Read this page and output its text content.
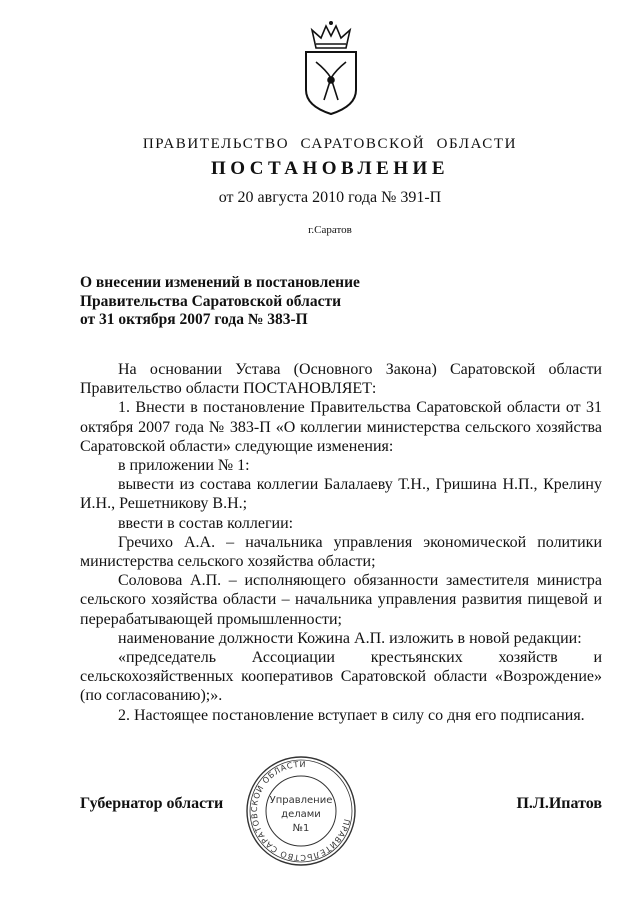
ПРАВИТЕЛЬСТВО САРАТОВСКОЙ ОБЛАСТИ
ПОСТАНОВЛЕНИЕ
от 20 августа 2010 года № 391-П
г.Саратов
О внесении изменений в постановление
Правительства Саратовской области
от 31 октября 2007 года № 383-П

На основании Устава (Основного Закона) Саратовской области Правительство области ПОСТАНОВЛЯЕТ:

1. Внести в постановление Правительства Саратовской области от 31 октября 2007 года № 383-П «О коллегии министерства сельского хозяйства Саратовской области» следующие изменения:

в приложении № 1:

вывести из состава коллегии Балалаеву Т.Н., Гришина Н.П., Крелину И.Н., Решетникову В.Н.;

ввести в состав коллегии:

Гречихо А.А. – начальника управления экономической политики министерства сельского хозяйства области;

Соловова А.П. – исполняющего обязанности заместителя министра сельского хозяйства области – начальника управления развития пищевой и перерабатывающей промышленности;

наименование должности Кожина А.П. изложить в новой редакции:

«председатель Ассоциации крестьянских хозяйств и сельскохозяйственных кооперативов Саратовской области «Возрождение» (по согласованию);».

2. Настоящее постановление вступает в силу со дня его подписания.

Губернатор области
ПРАВИТЕЛЬСТВО САРАТОВСКОЙ ОБЛАСТИ
Управление
делами
№1
П.Л.Ипатов
